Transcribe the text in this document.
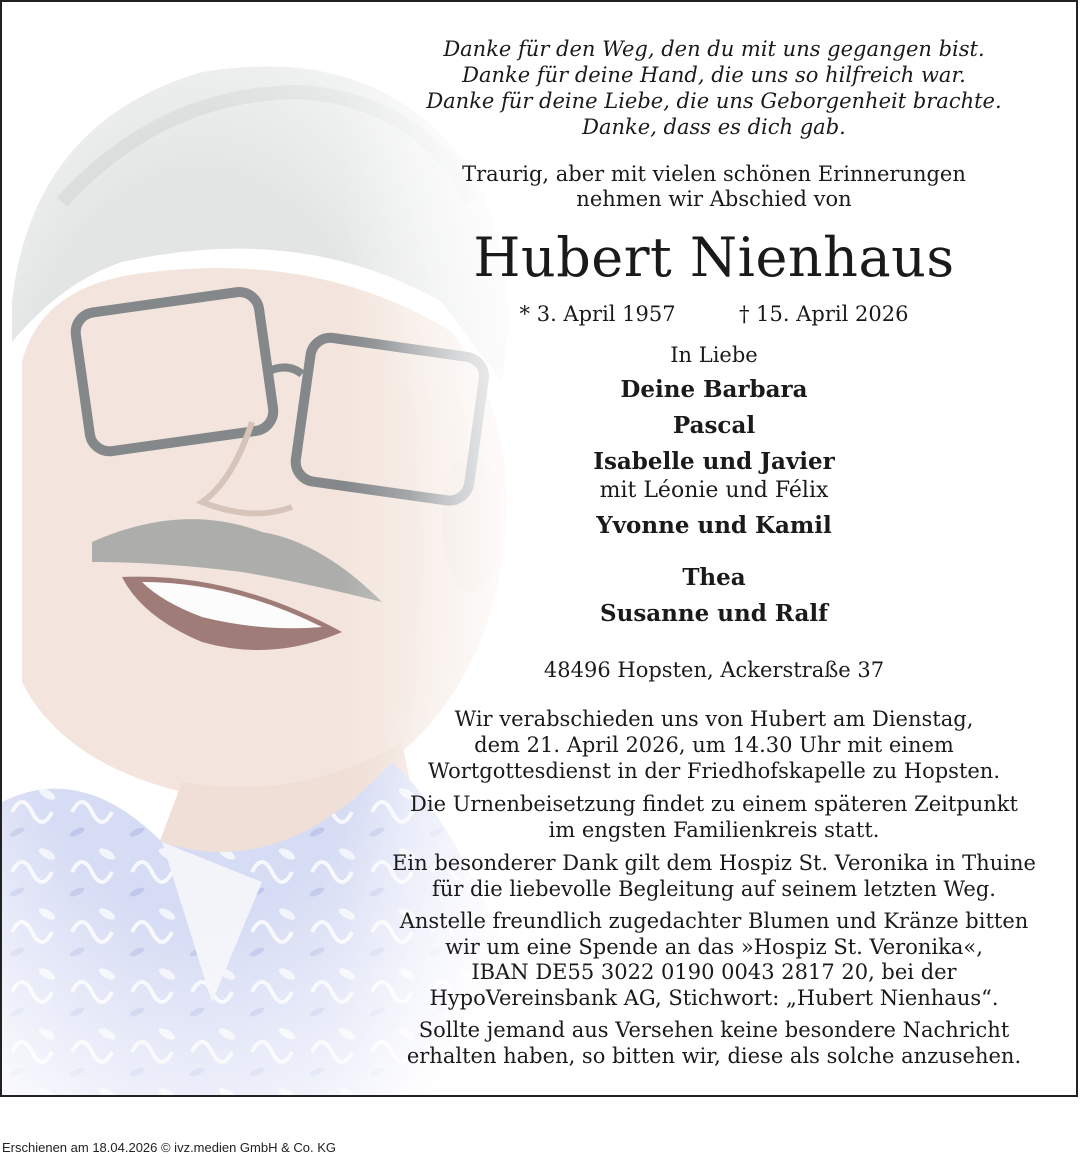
Danke für den Weg, den du mit uns gegangen bist.
Danke für deine Hand, die uns so hilfreich war.
Danke für deine Liebe, die uns Geborgenheit brachte.
Danke, dass es dich gab.
Traurig, aber mit vielen schönen Erinnerungen
nehmen wir Abschied von
Hubert Nienhaus
* 3. April 1957	† 15. April 2026
In Liebe
Deine Barbara
Pascal
Isabelle und Javier
mit Léonie und Félix
Yvonne und Kamil
Thea
Susanne und Ralf
48496 Hopsten, Ackerstraße 37
Wir verabschieden uns von Hubert am Dienstag,
dem 21. April 2026, um 14.30 Uhr mit einem
Wortgottesdienst in der Friedhofskapelle zu Hopsten.
Die Urnenbeisetzung findet zu einem späteren Zeitpunkt
im engsten Familienkreis statt.
Ein besonderer Dank gilt dem Hospiz St. Veronika in Thuine
für die liebevolle Begleitung auf seinem letzten Weg.
Anstelle freundlich zugedachter Blumen und Kränze bitten
wir um eine Spende an das »Hospiz St. Veronika«,
IBAN DE55 3022 0190 0043 2817 20, bei der
HypoVereinsbank AG, Stichwort: „Hubert Nienhaus“.
Sollte jemand aus Versehen keine besondere Nachricht
erhalten haben, so bitten wir, diese als solche anzusehen.
Erschienen am 18.04.2026 © ivz.medien GmbH & Co. KG
